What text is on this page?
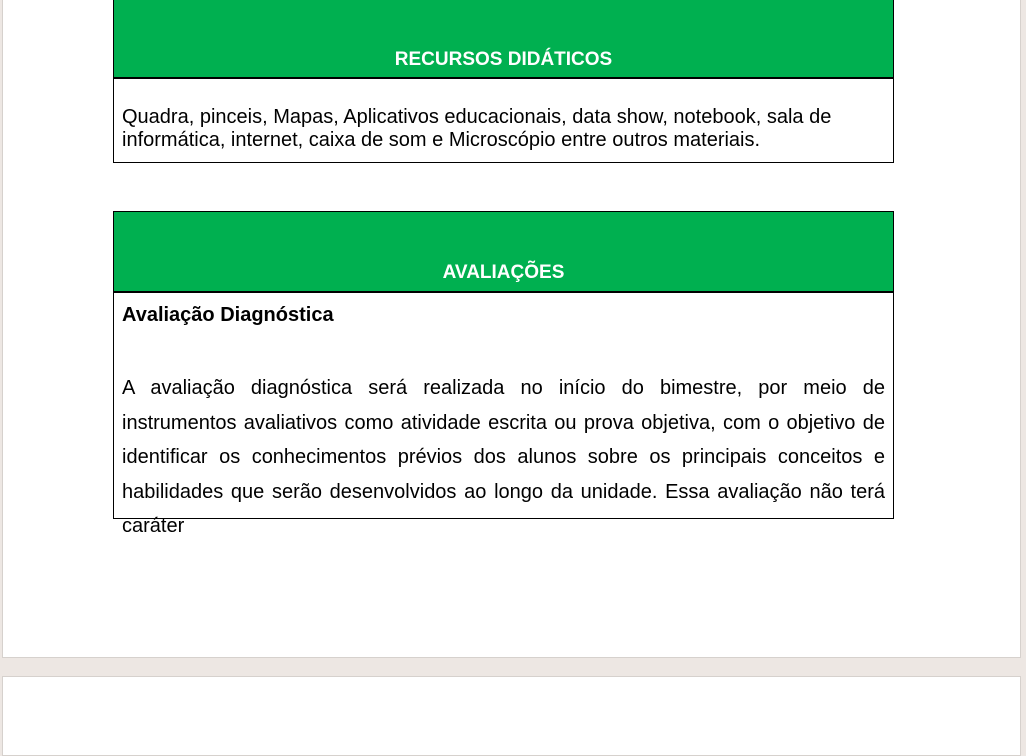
RECURSOS DIDÁTICOS
Quadra, pinceis, Mapas, Aplicativos educacionais, data show, notebook, sala de informática, internet, caixa de som e Microscópio entre outros materiais.
AVALIAÇÕES

Avaliação Diagnóstica

A avaliação diagnóstica será realizada no início do bimestre, por meio de instrumentos avaliativos como atividade escrita ou prova objetiva, com o objetivo de identificar os conhecimentos prévios dos alunos sobre os principais conceitos e habilidades que serão desenvolvidos ao longo da unidade. Essa avaliação não terá caráter
